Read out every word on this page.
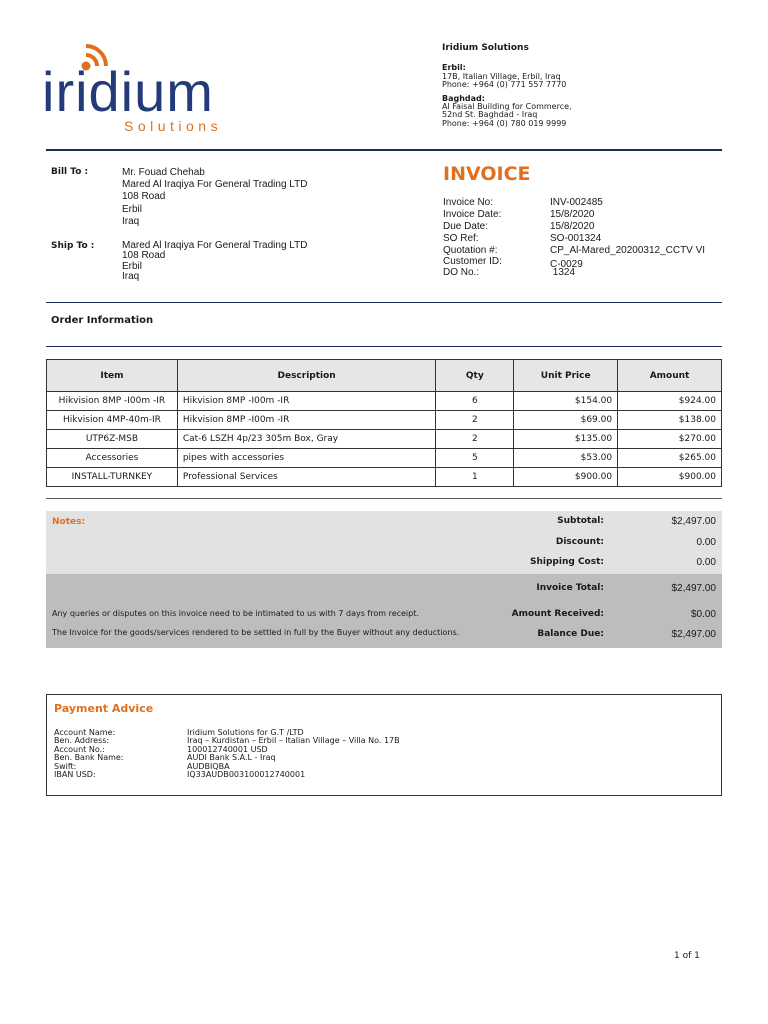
iridium
Solutions
Iridium Solutions
Erbil:
17B, Italian Village, Erbil, Iraq
Phone: +964 (0) 771 557 7770
Baghdad:
Al Faisal Building for Commerce,
52nd St. Baghdad - Iraq
Phone: +964 (0) 780 019 9999
Bill To :	Mr. Fouad Chehab
Mared Al Iraqiya For General Trading LTD
108 Road
Erbil
Iraq
Ship To :	Mared Al Iraqiya For General Trading LTD
108 Road
Erbil
Iraq
INVOICE
Invoice No:	INV-002485
Invoice Date:	15/8/2020
Due Date:	15/8/2020
SO Ref:	SO-001324
Quotation #:	CP_Al-Mared_20200312_CCTV VI
Customer ID:	C-0029
DO No.:	1324
Order Information
Item	Description	Qty	Unit Price	Amount
Hikvision 8MP -I00m -IR	Hikvision 8MP -I00m -IR	6	$154.00	$924.00
Hikvision 4MP-40m-IR	Hikvision 8MP -I00m -IR	2	$69.00	$138.00
UTP6Z-MSB	Cat-6 LSZH 4p/23 305m Box, Gray	2	$135.00	$270.00
Accessories	pipes with accessories	5	$53.00	$265.00
INSTALL-TURNKEY	Professional Services	1	$900.00	$900.00
Notes:	Subtotal:	$2,497.00
Discount:	0.00
Shipping Cost:	0.00
Invoice Total:	$2,497.00
Any queries or disputes on this invoice need to be intimated to us with 7 days from receipt.	Amount Received:	$0.00
The Invoice for the goods/services rendered to be settled in full by the Buyer without any deductions.	Balance Due:	$2,497.00
Payment Advice
Account Name:	Iridium Solutions for G.T /LTD
Ben. Address:	Iraq – Kurdistan – Erbil – Italian Village – Villa No. 17B
Account No.:	100012740001 USD
Ben. Bank Name:	AUDI Bank S.A.L - Iraq
Swift:	AUDBIQBA
IBAN USD:	IQ33AUDB003100012740001
1 of 1
